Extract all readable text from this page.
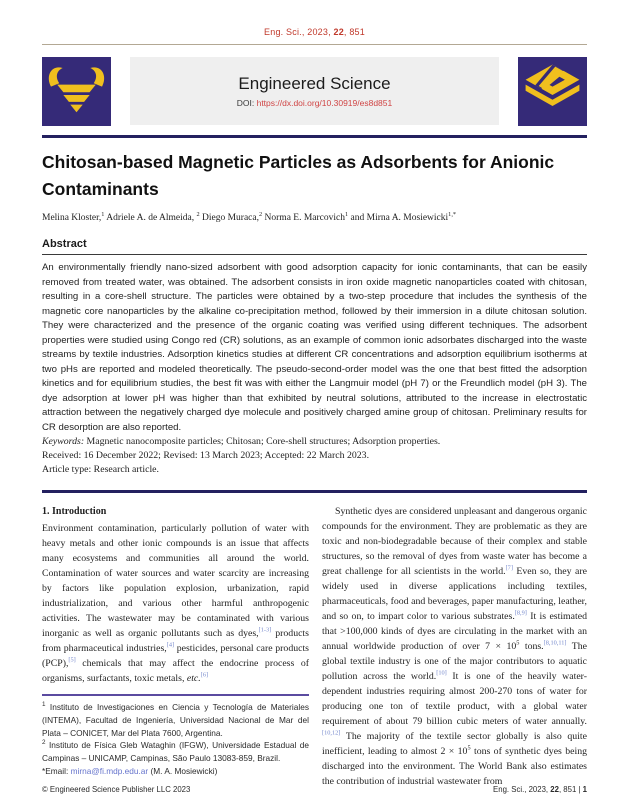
Eng. Sci., 2023, 22, 851
Engineered Science
DOI: https://dx.doi.org/10.30919/es8d851
Chitosan-based Magnetic Particles as Adsorbents for Anionic Contaminants
Melina Kloster,$^1$ Adriele A. de Almeida, $^2$ Diego Muraca,$^2$ Norma E. Marcovich$^1$ and Mirna A. Mosiewicki$^{1,*}$
Abstract
An environmentally friendly nano-sized adsorbent with good adsorption capacity for ionic contaminants, that can be easily removed from treated water, was obtained. The adsorbent consists in iron oxide magnetic nanoparticles coated with chitosan, resulting in a core-shell structure. The particles were obtained by a two-step procedure that includes the synthesis of the magnetic core nanoparticles by the alkaline co-precipitation method, followed by their immersion in a dilute chitosan solution. They were characterized and the presence of the organic coating was verified using different techniques. The adsorbent properties were studied using Congo red (CR) solutions, as an example of common ionic adsorbates discharged into the waste streams by textile industries. Adsorption kinetics studies at different CR concentrations and adsorption equilibrium isotherms at two pHs are reported and modeled theoretically. The pseudo-second-order model was the one that best fitted the adsorption kinetics and for equilibrium studies, the best fit was with either the Langmuir model (pH 7) or the Freundlich model (pH 3). The dye adsorption at lower pH was higher than that exhibited by neutral solutions, attributed to the increase in electrostatic attraction between the negatively charged dye molecule and positively charged amine group of chitosan. Preliminary results for CR desorption are also reported.
Keywords: Magnetic nanocomposite particles; Chitosan; Core-shell structures; Adsorption properties.
Received: 16 December 2022; Revised: 13 March 2023; Accepted: 22 March 2023.
Article type: Research article.
1. Introduction
Environment contamination, particularly pollution of water with heavy metals and other ionic compounds is an issue that affects many ecosystems and communities all around the world. Contamination of water sources and water scarcity are increasing by factors like population explosion, urbanization, rapid industrialization, and various other harmful anthropogenic activities. The wastewater may be contaminated with various inorganic as well as organic pollutants such as dyes,[1-3] products from pharmaceutical industries,[4] pesticides, personal care products (PCP),[5] chemicals that may affect the endocrine process of organisms, surfactants, toxic metals, etc.[6]
$^1$ Instituto de Investigaciones en Ciencia y Tecnología de Materiales (INTEMA), Facultad de Ingeniería, Universidad Nacional de Mar del Plata – CONICET, Mar del Plata 7600, Argentina.
$^2$ Instituto de Física Gleb Wataghin (IFGW), Universidade Estadual de Campinas – UNICAMP, Campinas, São Paulo 13083-859, Brazil.
*Email: mirna@fi.mdp.edu.ar (M. A. Mosiewicki)
Synthetic dyes are considered unpleasant and dangerous organic compounds for the environment. They are problematic as they are toxic and non-biodegradable because of their complex and stable structures, so the removal of dyes from waste water has become a great challenge for all scientists in the world.[7] Even so, they are widely used in diverse applications including textiles, pharmaceuticals, food and beverages, paper manufacturing, leather, and so on, to impart color to various substrates.[8,9] It is estimated that >100,000 kinds of dyes are circulating in the market with an annual worldwide production of over $7 \times 10^5$ tons.[8,10,11] The global textile industry is one of the major contributors to aquatic pollution across the world.[10] It is one of the heavily water-dependent industries requiring almost 200-270 tons of water for producing one ton of textile product, with a global water requirement of about 79 billion cubic meters of water annually.[10,12] The majority of the textile sector globally is also quite inefficient, leading to almost $2 \times 10^5$ tons of synthetic dyes being discharged into the environment. The World Bank also estimates the contribution of industrial wastewater from
© Engineered Science Publisher LLC 2023	Eng. Sci., 2023, 22, 851 | 1
